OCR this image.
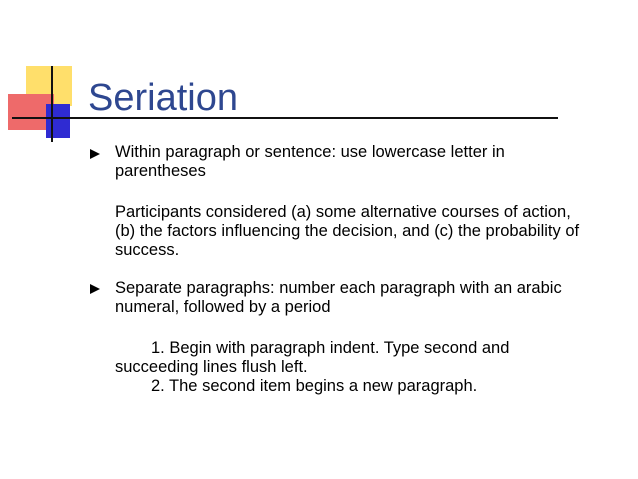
Seriation
Within paragraph or sentence: use lowercase letter in
parentheses
Participants considered (a) some alternative courses of action,
(b) the factors influencing the decision, and (c) the probability of
success.
Separate paragraphs: number each paragraph with an arabic
numeral, followed by a period
1. Begin with paragraph indent. Type second and
succeeding lines flush left.
2. The second item begins a new paragraph.
